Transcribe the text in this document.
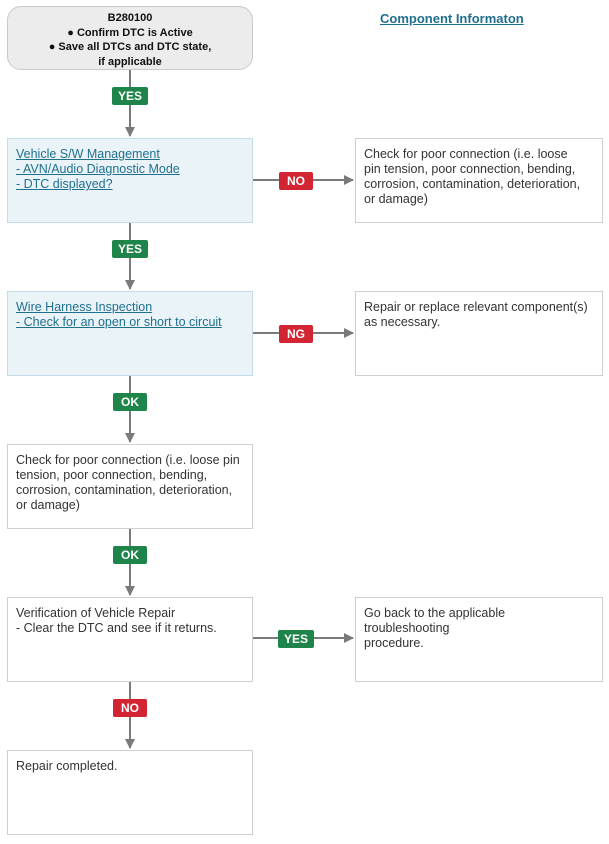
B280100
● Confirm DTC is Active
● Save all DTCs and DTC state,
if applicable
Component Informaton
Vehicle S/W Management
- AVN/Audio Diagnostic Mode
- DTC displayed?
Wire Harness Inspection
- Check for an open or short to circuit
Check for poor connection (i.e. loose pin
tension, poor connection, bending,
corrosion, contamination, deterioration,
or damage)
Verification of Vehicle Repair
- Clear the DTC and see if it returns.
Repair completed.
Check for poor connection (i.e. loose
pin tension, poor connection, bending,
corrosion, contamination, deterioration,
or damage)
Repair or replace relevant component(s)
as necessary.
Go back to the applicable troubleshooting
procedure.
YES
YES
OK
OK
NO
NO
NG
YES
